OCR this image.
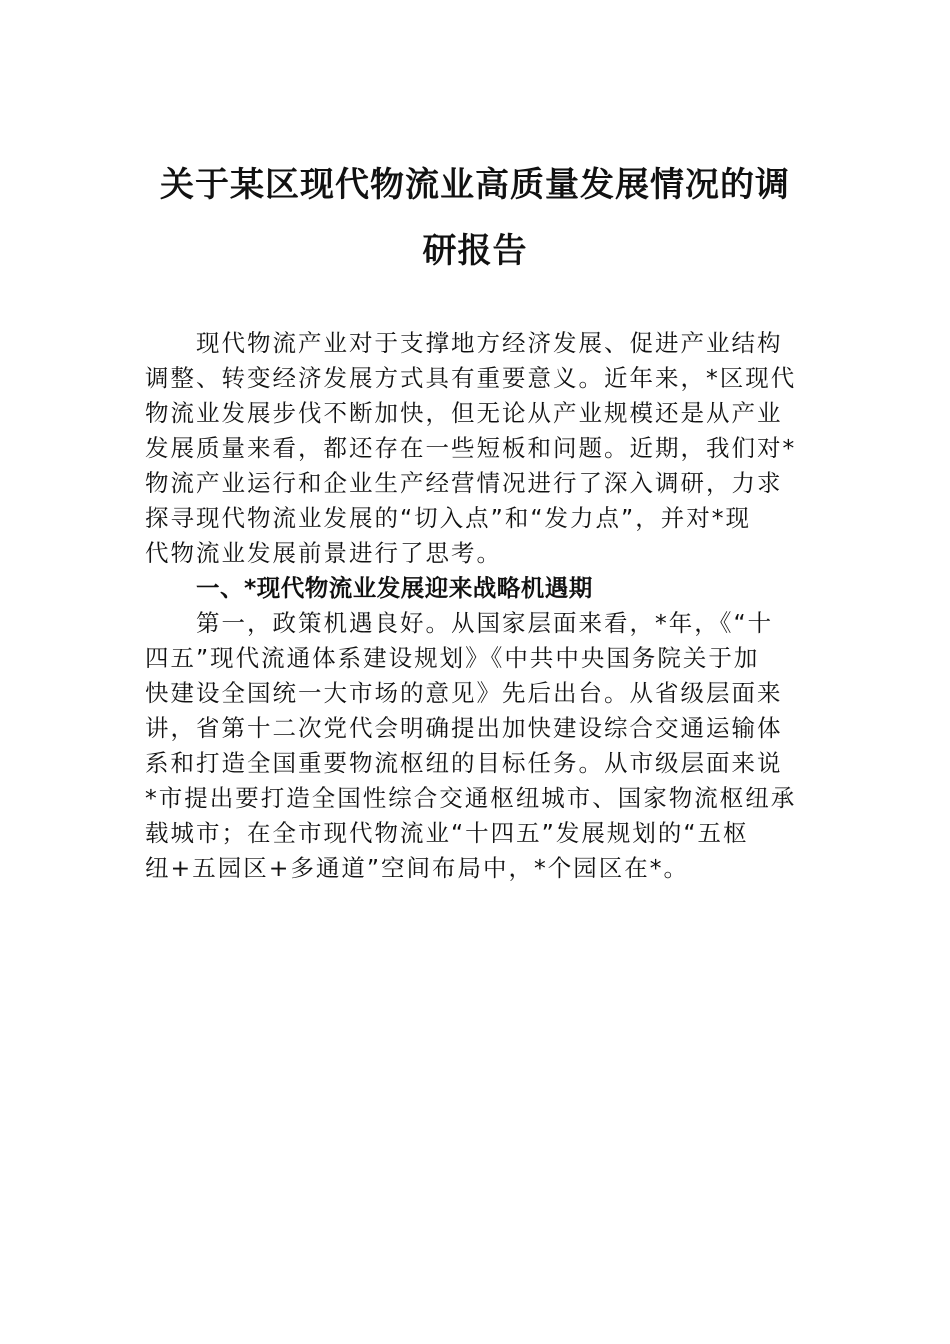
关于某区现代物流业高质量发展情况的调
研报告
现代物流产业对于支撑地方经济发展、促进产业结构
调整、转变经济发展方式具有重要意义。近年来，*区现代
物流业发展步伐不断加快，但无论从产业规模还是从产业
发展质量来看，都还存在一些短板和问题。近期，我们对*
物流产业运行和企业生产经营情况进行了深入调研，力求
探寻现代物流业发展的“切入点”和“发力点”，并对*现
代物流业发展前景进行了思考。
一、*现代物流业发展迎来战略机遇期
第一，政策机遇良好。从国家层面来看，*年，《“十
四五”现代流通体系建设规划》《中共中央国务院关于加
快建设全国统一大市场的意见》先后出台。从省级层面来
讲，省第十二次党代会明确提出加快建设综合交通运输体
系和打造全国重要物流枢纽的目标任务。从市级层面来说
*市提出要打造全国性综合交通枢纽城市、国家物流枢纽承
载城市；在全市现代物流业“十四五”发展规划的“五枢
纽+五园区+多通道”空间布局中，*个园区在*。
